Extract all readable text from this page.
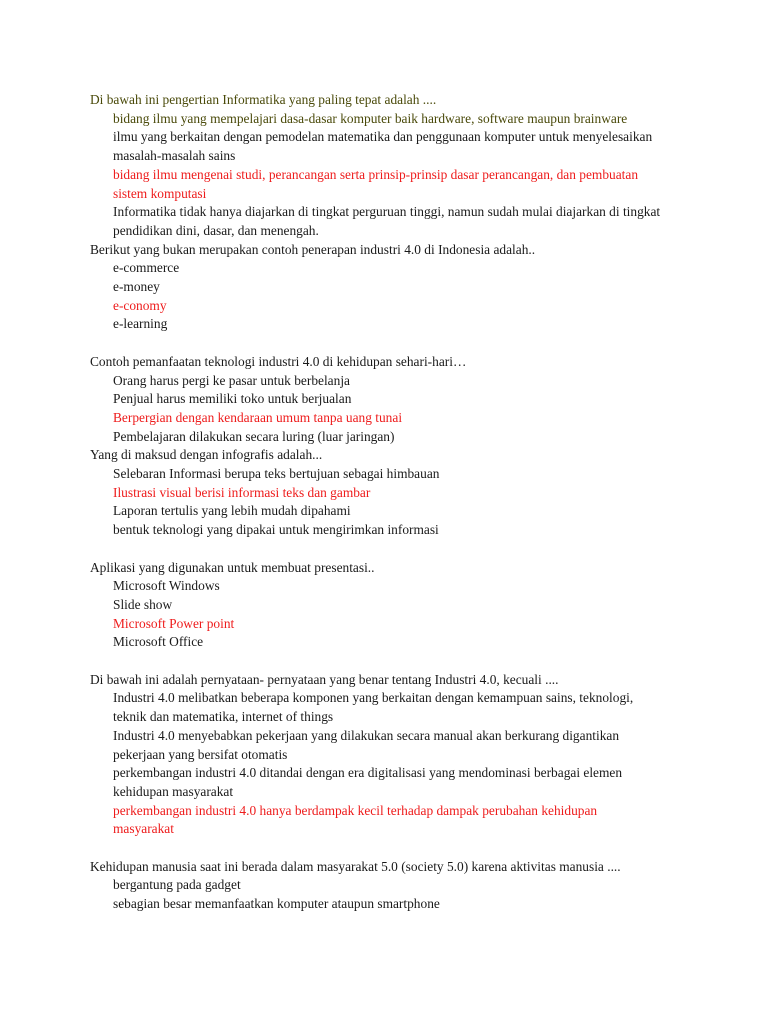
Di bawah ini pengertian Informatika yang paling tepat adalah ....
bidang ilmu yang mempelajari dasa-dasar komputer baik hardware, software maupun brainware
ilmu yang berkaitan dengan pemodelan matematika dan penggunaan komputer untuk menyelesaikan
masalah-masalah sains
bidang ilmu mengenai studi, perancangan serta prinsip-prinsip dasar perancangan, dan pembuatan
sistem komputasi
Informatika tidak hanya diajarkan di tingkat perguruan tinggi, namun sudah mulai diajarkan di tingkat
pendidikan dini, dasar, dan menengah.
Berikut yang bukan merupakan contoh penerapan industri 4.0 di Indonesia adalah..
e-commerce
e-money
e-conomy
e-learning
Contoh pemanfaatan teknologi industri 4.0 di kehidupan sehari-hari…
Orang harus pergi ke pasar untuk berbelanja
Penjual harus memiliki toko untuk berjualan
Berpergian dengan kendaraan umum tanpa uang tunai
Pembelajaran dilakukan secara luring (luar jaringan)
Yang di maksud dengan infografis adalah...
Selebaran Informasi berupa teks bertujuan sebagai himbauan
Ilustrasi visual berisi informasi teks dan gambar
Laporan tertulis yang lebih mudah dipahami
bentuk teknologi yang dipakai untuk mengirimkan informasi
Aplikasi yang digunakan untuk membuat presentasi..
Microsoft Windows
Slide show
Microsoft Power point
Microsoft Office
Di bawah ini adalah pernyataan- pernyataan yang benar tentang Industri 4.0, kecuali ....
Industri 4.0 melibatkan beberapa komponen yang berkaitan dengan kemampuan sains, teknologi,
teknik dan matematika, internet of things
Industri 4.0 menyebabkan pekerjaan yang dilakukan secara manual akan berkurang digantikan
pekerjaan yang bersifat otomatis
perkembangan industri 4.0 ditandai dengan era digitalisasi yang mendominasi berbagai elemen
kehidupan masyarakat
perkembangan industri 4.0 hanya berdampak kecil terhadap dampak perubahan kehidupan
masyarakat
Kehidupan manusia saat ini berada dalam masyarakat 5.0 (society 5.0) karena aktivitas manusia ....
bergantung pada gadget
sebagian besar memanfaatkan komputer ataupun smartphone
